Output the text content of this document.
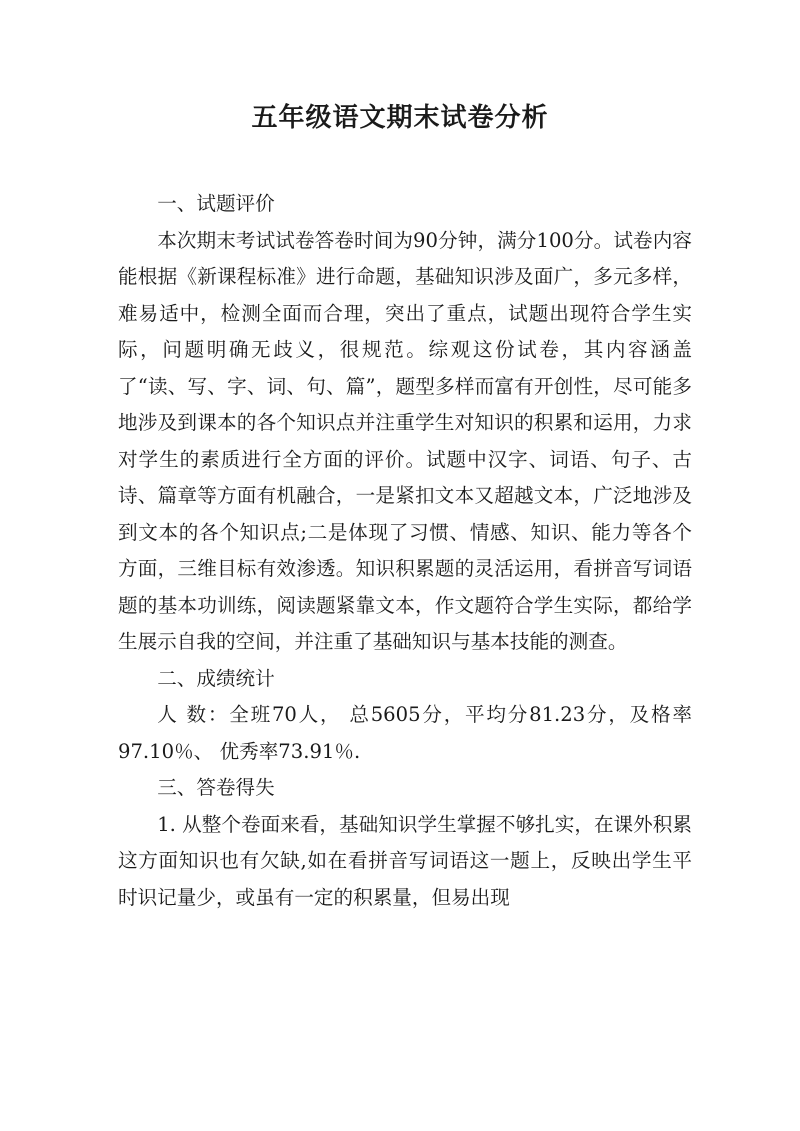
五年级语文期末试卷分析

一、试题评价

本次期末考试试卷答卷时间为90分钟，满分100分。试卷内容能根据《新课程标准》进行命题，基础知识涉及面广，多元多样，难易适中，检测全面而合理，突出了重点，试题出现符合学生实际，问题明确无歧义，很规范。综观这份试卷，其内容涵盖了“读、写、字、词、句、篇”，题型多样而富有开创性，尽可能多地涉及到课本的各个知识点并注重学生对知识的积累和运用，力求对学生的素质进行全方面的评价。试题中汉字、词语、句子、古诗、篇章等方面有机融合，一是紧扣文本又超越文本，广泛地涉及到文本的各个知识点;二是体现了习惯、情感、知识、能力等各个方面，三维目标有效渗透。知识积累题的灵活运用，看拼音写词语题的基本功训练，阅读题紧靠文本，作文题符合学生实际，都给学生展示自我的空间，并注重了基础知识与基本技能的测查。

二、成绩统计

人 数：全班70人， 总5605分，平均分81.23分，及格率97.10％、 优秀率73.91％.

三、答卷得失

1. 从整个卷面来看，基础知识学生掌握不够扎实，在课外积累这方面知识也有欠缺,如在看拼音写词语这一题上，反映出学生平时识记量少，或虽有一定的积累量，但易出现
